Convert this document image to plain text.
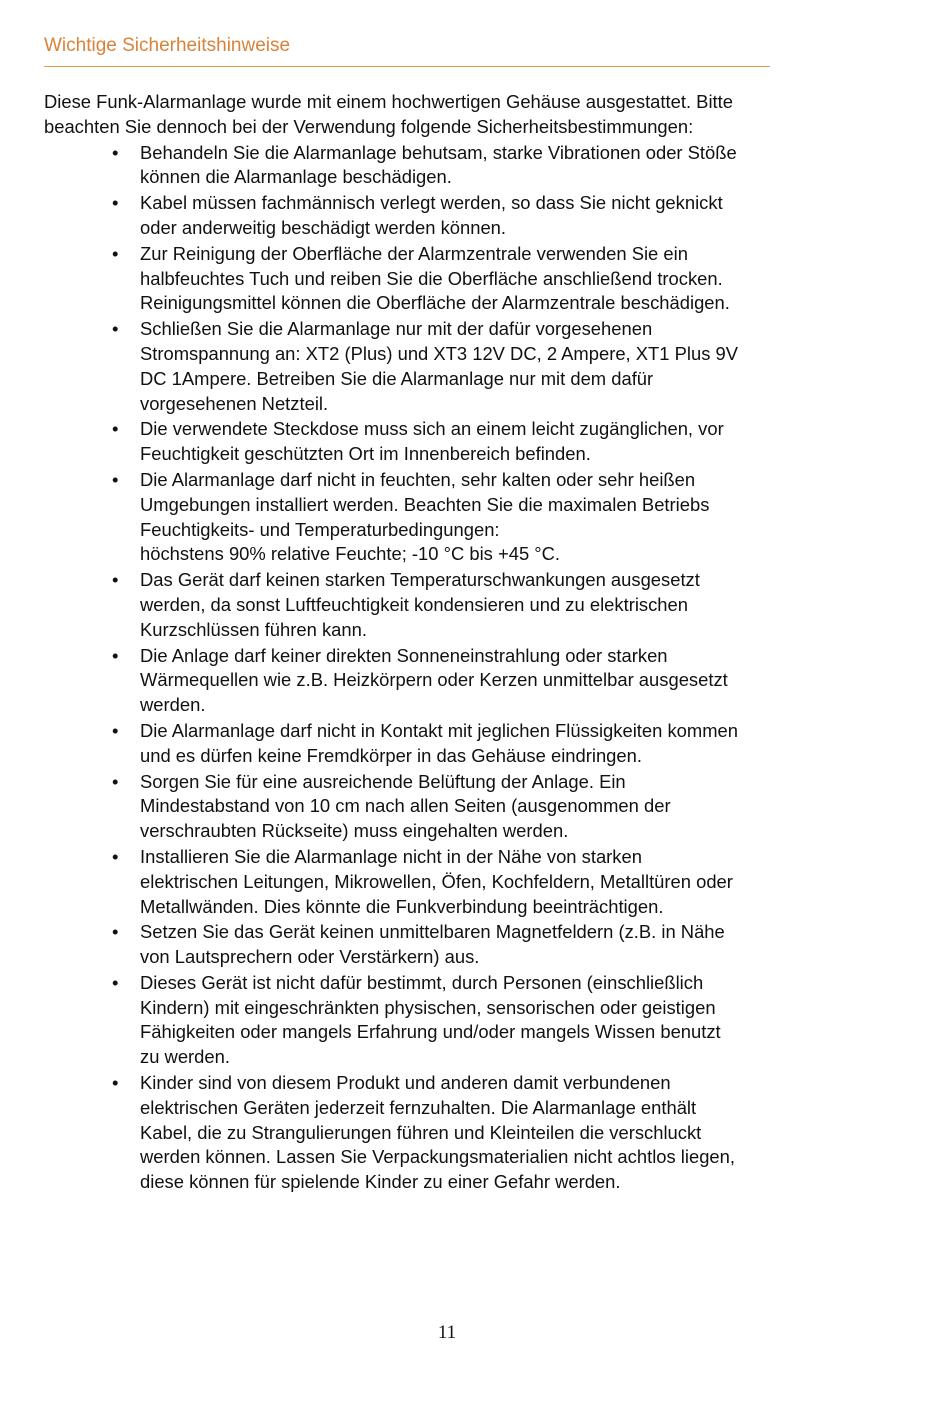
Wichtige Sicherheitshinweise

Diese Funk-Alarmanlage wurde mit einem hochwertigen Gehäuse ausgestattet. Bitte
beachten Sie dennoch bei der Verwendung folgende Sicherheitsbestimmungen:

• Behandeln Sie die Alarmanlage behutsam, starke Vibrationen oder Stöße
können die Alarmanlage beschädigen.
• Kabel müssen fachmännisch verlegt werden, so dass Sie nicht geknickt
oder anderweitig beschädigt werden können.
• Zur Reinigung der Oberfläche der Alarmzentrale verwenden Sie ein
halbfeuchtes Tuch und reiben Sie die Oberfläche anschließend trocken.
Reinigungsmittel können die Oberfläche der Alarmzentrale beschädigen.
• Schließen Sie die Alarmanlage nur mit der dafür vorgesehenen
Stromspannung an: XT2 (Plus) und XT3 12V DC, 2 Ampere, XT1 Plus 9V
DC 1Ampere. Betreiben Sie die Alarmanlage nur mit dem dafür
vorgesehenen Netzteil.
• Die verwendete Steckdose muss sich an einem leicht zugänglichen, vor
Feuchtigkeit geschützten Ort im Innenbereich befinden.
• Die Alarmanlage darf nicht in feuchten, sehr kalten oder sehr heißen
Umgebungen installiert werden. Beachten Sie die maximalen Betriebs
Feuchtigkeits- und Temperaturbedingungen:
höchstens 90% relative Feuchte; -10 °C bis +45 °C.
• Das Gerät darf keinen starken Temperaturschwankungen ausgesetzt
werden, da sonst Luftfeuchtigkeit kondensieren und zu elektrischen
Kurzschlüssen führen kann.
• Die Anlage darf keiner direkten Sonneneinstrahlung oder starken
Wärmequellen wie z.B. Heizkörpern oder Kerzen unmittelbar ausgesetzt
werden.
• Die Alarmanlage darf nicht in Kontakt mit jeglichen Flüssigkeiten kommen
und es dürfen keine Fremdkörper in das Gehäuse eindringen.
• Sorgen Sie für eine ausreichende Belüftung der Anlage. Ein
Mindestabstand von 10 cm nach allen Seiten (ausgenommen der
verschraubten Rückseite) muss eingehalten werden.
• Installieren Sie die Alarmanlage nicht in der Nähe von starken
elektrischen Leitungen, Mikrowellen, Öfen, Kochfeldern, Metalltüren oder
Metallwänden. Dies könnte die Funkverbindung beeinträchtigen.
• Setzen Sie das Gerät keinen unmittelbaren Magnetfeldern (z.B. in Nähe
von Lautsprechern oder Verstärkern) aus.
• Dieses Gerät ist nicht dafür bestimmt, durch Personen (einschließlich
Kindern) mit eingeschränkten physischen, sensorischen oder geistigen
Fähigkeiten oder mangels Erfahrung und/oder mangels Wissen benutzt
zu werden.
• Kinder sind von diesem Produkt und anderen damit verbundenen
elektrischen Geräten jederzeit fernzuhalten. Die Alarmanlage enthält
Kabel, die zu Strangulierungen führen und Kleinteilen die verschluckt
werden können. Lassen Sie Verpackungsmaterialien nicht achtlos liegen,
diese können für spielende Kinder zu einer Gefahr werden.
11
